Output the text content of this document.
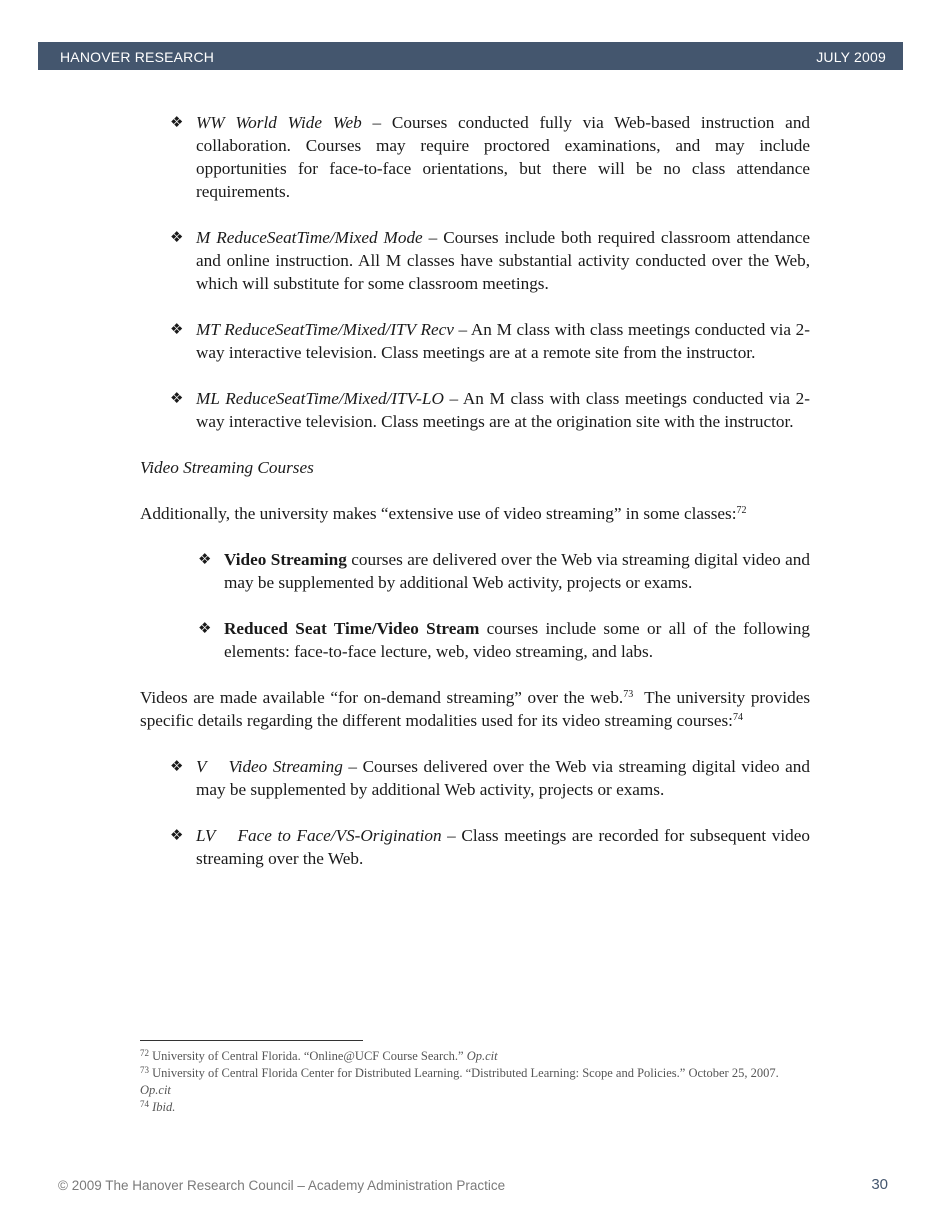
HANOVER RESEARCH	JULY 2009

❖ WW World Wide Web – Courses conducted fully via Web-based instruction and collaboration. Courses may require proctored examinations, and may include opportunities for face-to-face orientations, but there will be no class attendance requirements.

❖ M ReduceSeatTime/Mixed Mode – Courses include both required classroom attendance and online instruction. All M classes have substantial activity conducted over the Web, which will substitute for some classroom meetings.

❖ MT ReduceSeatTime/Mixed/ITV Recv – An M class with class meetings conducted via 2-way interactive television. Class meetings are at a remote site from the instructor.

❖ ML ReduceSeatTime/Mixed/ITV-LO – An M class with class meetings conducted via 2-way interactive television. Class meetings are at the origination site with the instructor.

Video Streaming Courses

Additionally, the university makes “extensive use of video streaming” in some classes:$^{72}$

❖ Video Streaming courses are delivered over the Web via streaming digital video and may be supplemented by additional Web activity, projects or exams.

❖ Reduced Seat Time/Video Stream courses include some or all of the following elements: face-to-face lecture, web, video streaming, and labs.

Videos are made available “for on-demand streaming” over the web.$^{73}$  The university provides specific details regarding the different modalities used for its video streaming courses:$^{74}$

❖ V    Video Streaming – Courses delivered over the Web via streaming digital video and may be supplemented by additional Web activity, projects or exams.

❖ LV    Face to Face/VS-Origination – Class meetings are recorded for subsequent video streaming over the Web.

$^{72}$ University of Central Florida. “Online@UCF Course Search.” Op.cit
$^{73}$ University of Central Florida Center for Distributed Learning. “Distributed Learning: Scope and Policies.” October 25, 2007. Op.cit
$^{74}$ Ibid.
© 2009 The Hanover Research Council – Academy Administration Practice	30
